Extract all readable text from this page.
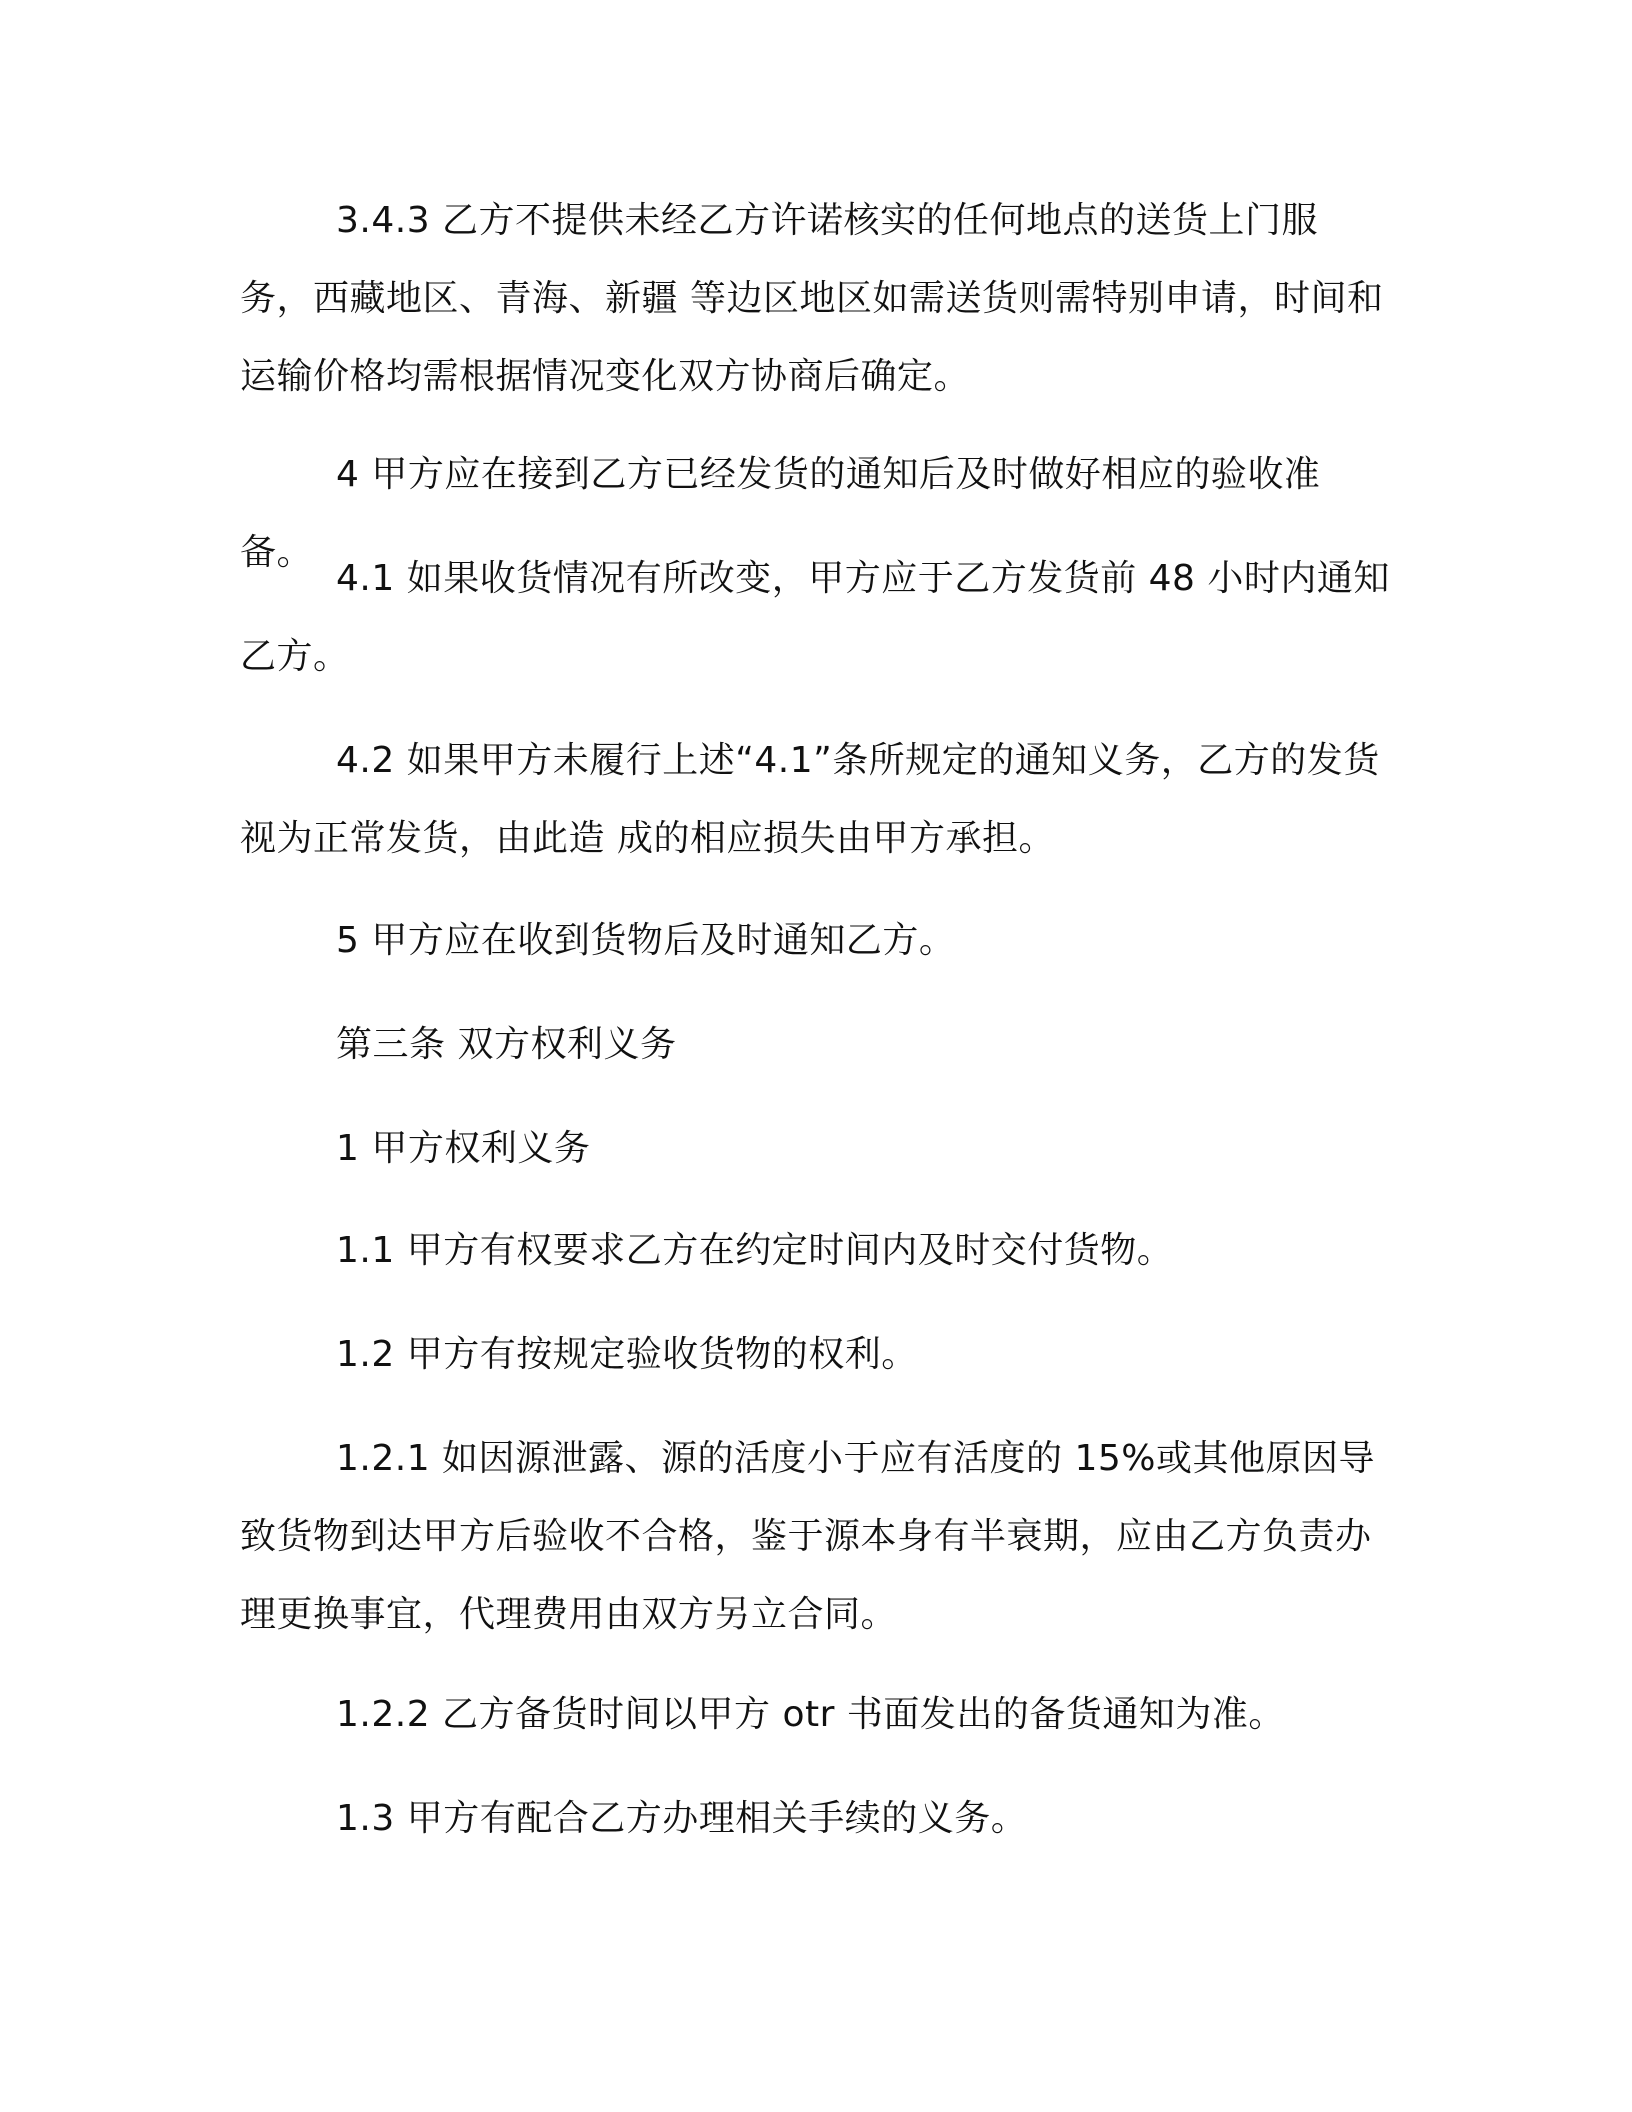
3.4.3 乙方不提供未经乙方许诺核实的任何地点的送货上门服务，西藏地区、青海、新疆 等边区地区如需送货则需特别申请，时间和运输价格均需根据情况变化双方协商后确定。

4 甲方应在接到乙方已经发货的通知后及时做好相应的验收准备。

4.1 如果收货情况有所改变，甲方应于乙方发货前 48 小时内通知乙方。

4.2 如果甲方未履行上述“4.1”条所规定的通知义务，乙方的发货视为正常发货，由此造 成的相应损失由甲方承担。

5 甲方应在收到货物后及时通知乙方。

第三条 双方权利义务

1 甲方权利义务

1.1 甲方有权要求乙方在约定时间内及时交付货物。

1.2 甲方有按规定验收货物的权利。

1.2.1 如因源泄露、源的活度小于应有活度的 15%或其他原因导致货物到达甲方后验收不合格，鉴于源本身有半衰期，应由乙方负责办理更换事宜，代理费用由双方另立合同。

1.2.2 乙方备货时间以甲方 otr 书面发出的备货通知为准。

1.3 甲方有配合乙方办理相关手续的义务。
